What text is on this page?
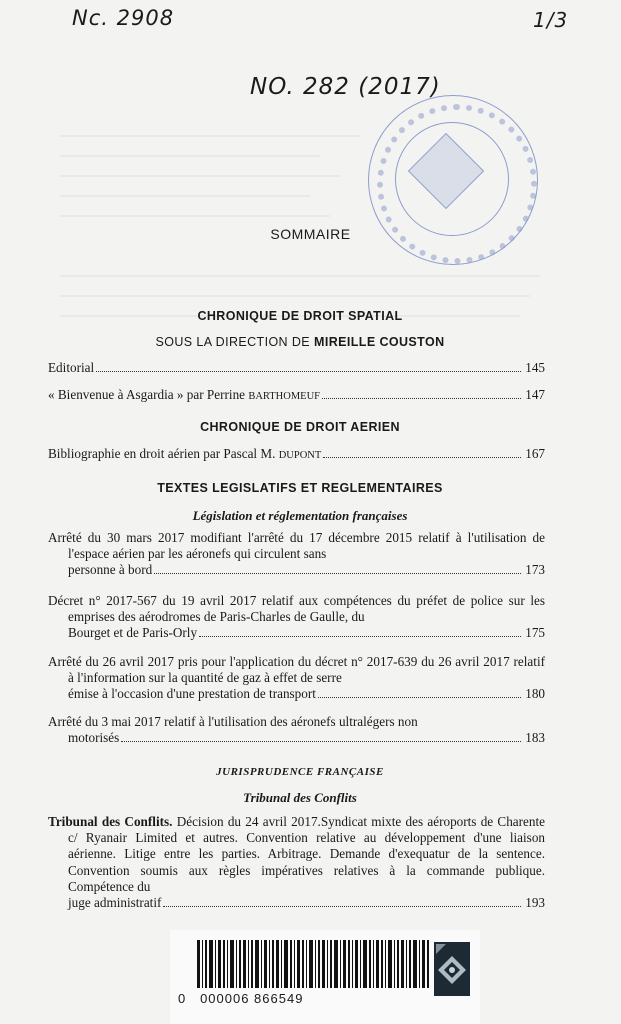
Nc. 2908	1/3
NO. 282 (2017)
SOMMAIRE
CHRONIQUE DE DROIT SPATIAL
SOUS LA DIRECTION DE MIREILLE COUSTON
Editorial	145
« Bienvenue à Asgardia » par Perrine BARTHOMEUF	147
CHRONIQUE DE DROIT AERIEN
Bibliographie en droit aérien par Pascal M. DUPONT	167
TEXTES LEGISLATIFS ET REGLEMENTAIRES
Législation et réglementation françaises
Arrêté du 30 mars 2017 modifiant l'arrêté du 17 décembre 2015 relatif à l'utilisation de l'espace aérien par les aéronefs qui circulent sans
personne à bord	173
Décret n° 2017-567 du 19 avril 2017 relatif aux compétences du préfet de police sur les emprises des aérodromes de Paris-Charles de Gaulle, du
Bourget et de Paris-Orly	175
Arrêté du 26 avril 2017 pris pour l'application du décret n° 2017-639 du 26 avril 2017 relatif à l'information sur la quantité de gaz à effet de serre
émise à l'occasion d'une prestation de transport	180
Arrêté du 3 mai 2017 relatif à l'utilisation des aéronefs ultralégers non
motorisés	183
JURISPRUDENCE FRANÇAISE
Tribunal des Conflits
Tribunal des Conflits. Décision du 24 avril 2017.Syndicat mixte des aéroports de Charente c/ Ryanair Limited et autres. Convention relative au développement d'une liaison aérienne. Litige entre les parties. Arbitrage. Demande d'exequatur de la sentence. Convention soumis aux règles impératives relatives à la commande publique. Compétence du
juge administratif	193
0   000006 866549
